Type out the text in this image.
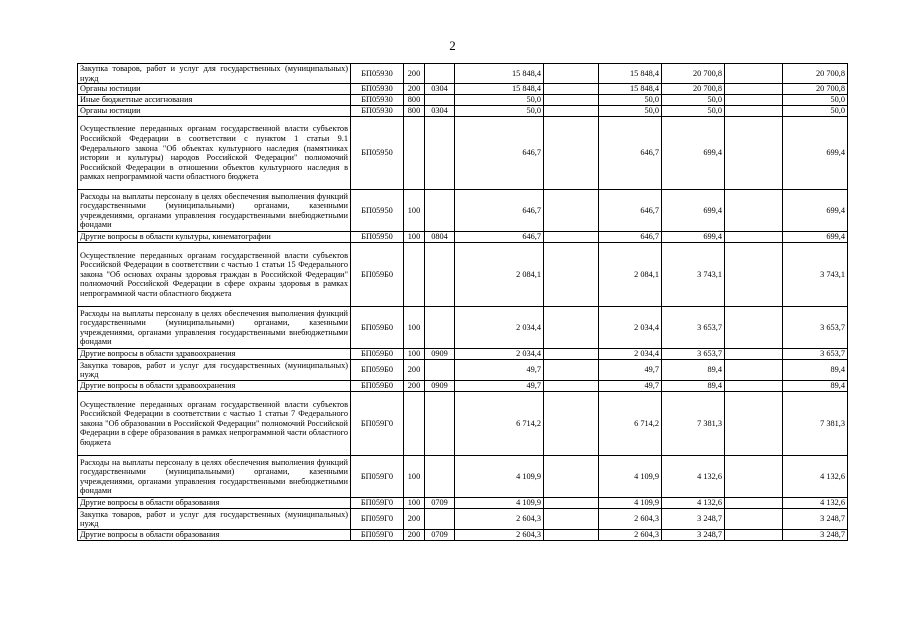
2
Закупка товаров, работ и услуг для государственных (муниципальных) нужд	БП05930	200		15 848,4		15 848,4	20 700,8		20 700,8
Органы юстиции	БП05930	200	0304	15 848,4		15 848,4	20 700,8		20 700,8
Иные бюджетные ассигнования	БП05930	800		50,0		50,0	50,0		50,0
Органы юстиции	БП05930	800	0304	50,0		50,0	50,0		50,0
Осуществление переданных органам государственной власти субъектов Российской Федерации в соответствии с пунктом 1 статьи 9.1 Федерального закона "Об объектах культурного наследия (памятниках истории и культуры) народов Российской Федерации" полномочий Российской Федерации в отношении объектов культурного наследия в рамках непрограммной части областного бюджета	БП05950			646,7		646,7	699,4		699,4
Расходы на выплаты персоналу в целях обеспечения выполнения функций государственными (муниципальными) органами, казенными учреждениями, органами управления государственными внебюджетными фондами	БП05950	100		646,7		646,7	699,4		699,4
Другие вопросы в области культуры, кинематографии	БП05950	100	0804	646,7		646,7	699,4		699,4
Осуществление переданных органам государственной власти субъектов Российской Федерации в соответствии с частью 1 статьи 15 Федерального закона "Об основах охраны здоровья граждан в Российской Федерации" полномочий Российской Федерации в сфере охраны здоровья в рамках непрограммной части областного бюджета	БП059Б0			2 084,1		2 084,1	3 743,1		3 743,1
Расходы на выплаты персоналу в целях обеспечения выполнения функций государственными (муниципальными) органами, казенными учреждениями, органами управления государственными внебюджетными фондами	БП059Б0	100		2 034,4		2 034,4	3 653,7		3 653,7
Другие вопросы в области здравоохранения	БП059Б0	100	0909	2 034,4		2 034,4	3 653,7		3 653,7
Закупка товаров, работ и услуг для государственных (муниципальных) нужд	БП059Б0	200		49,7		49,7	89,4		89,4
Другие вопросы в области здравоохранения	БП059Б0	200	0909	49,7		49,7	89,4		89,4
Осуществление переданных органам государственной власти субъектов Российской Федерации в соответствии с частью 1 статьи 7 Федерального закона "Об образовании в Российской Федерации" полномочий Российской Федерации в сфере образования в рамках непрограммной части областного бюджета	БП059Г0			6 714,2		6 714,2	7 381,3		7 381,3
Расходы на выплаты персоналу в целях обеспечения выполнения функций государственными (муниципальными) органами, казенными учреждениями, органами управления государственными внебюджетными фондами	БП059Г0	100		4 109,9		4 109,9	4 132,6		4 132,6
Другие вопросы в области образования	БП059Г0	100	0709	4 109,9		4 109,9	4 132,6		4 132,6
Закупка товаров, работ и услуг для государственных (муниципальных) нужд	БП059Г0	200		2 604,3		2 604,3	3 248,7		3 248,7
Другие вопросы в области образования	БП059Г0	200	0709	2 604,3		2 604,3	3 248,7		3 248,7
